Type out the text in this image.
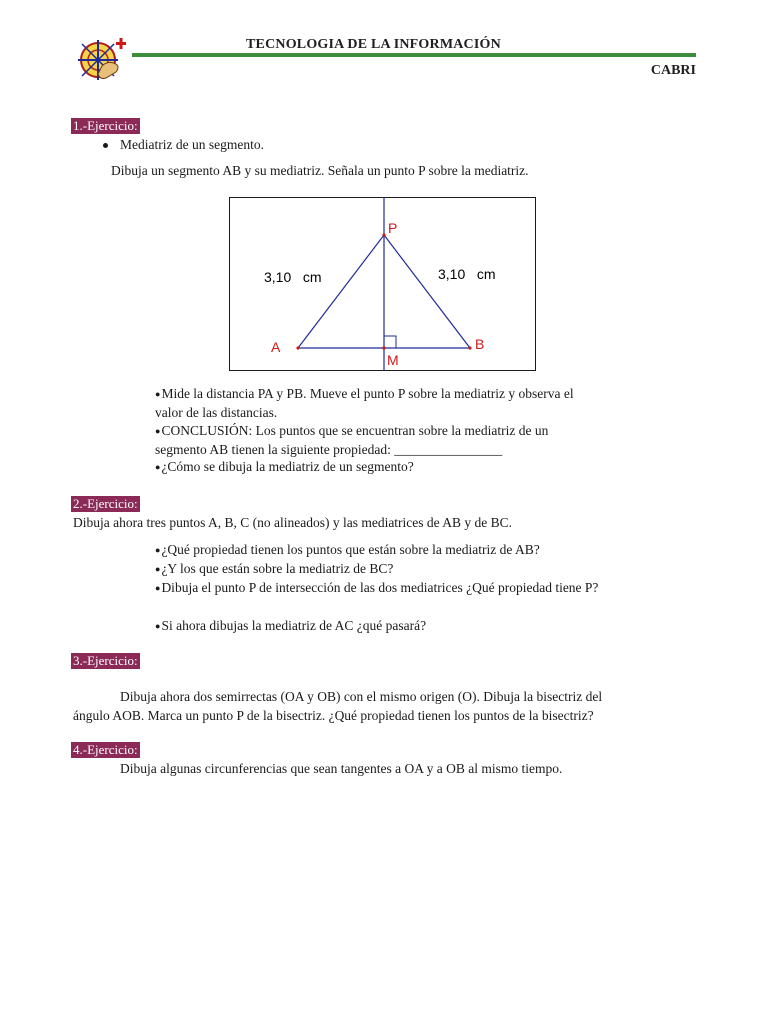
TECNOLOGIA DE LA INFORMACIÓN
CABRI
1.-Ejercicio:
Mediatriz de un segmento.
Dibuja un segmento AB y su mediatriz. Señala un punto P sobre la mediatriz.
P
A	B
M
3,10   cm	3,10   cm
●Mide la distancia PA y PB. Mueve el punto P sobre la mediatriz y observa el valor de las distancias.
●CONCLUSIÓN: Los puntos que se encuentran sobre la mediatriz de un segmento AB tienen la siguiente propiedad: ________________
●¿Cómo se dibuja la mediatriz de un segmento?
2.-Ejercicio:
Dibuja ahora tres puntos A, B, C (no alineados) y las mediatrices de AB y de BC.
●¿Qué propiedad tienen los puntos que están sobre la mediatriz de AB?
●¿Y los que están sobre la mediatriz de BC?
●Dibuja el punto P de intersección de las dos mediatrices ¿Qué propiedad tiene P?
●Si ahora dibujas la mediatriz de AC ¿qué pasará?
3.-Ejercicio:
Dibuja ahora dos semirrectas (OA y OB) con el mismo origen (O). Dibuja la bisectriz del
ángulo AOB. Marca un punto P de la bisectriz. ¿Qué propiedad tienen los puntos de la bisectriz?
4.-Ejercicio:
Dibuja algunas circunferencias que sean tangentes a OA y a OB al mismo tiempo.
